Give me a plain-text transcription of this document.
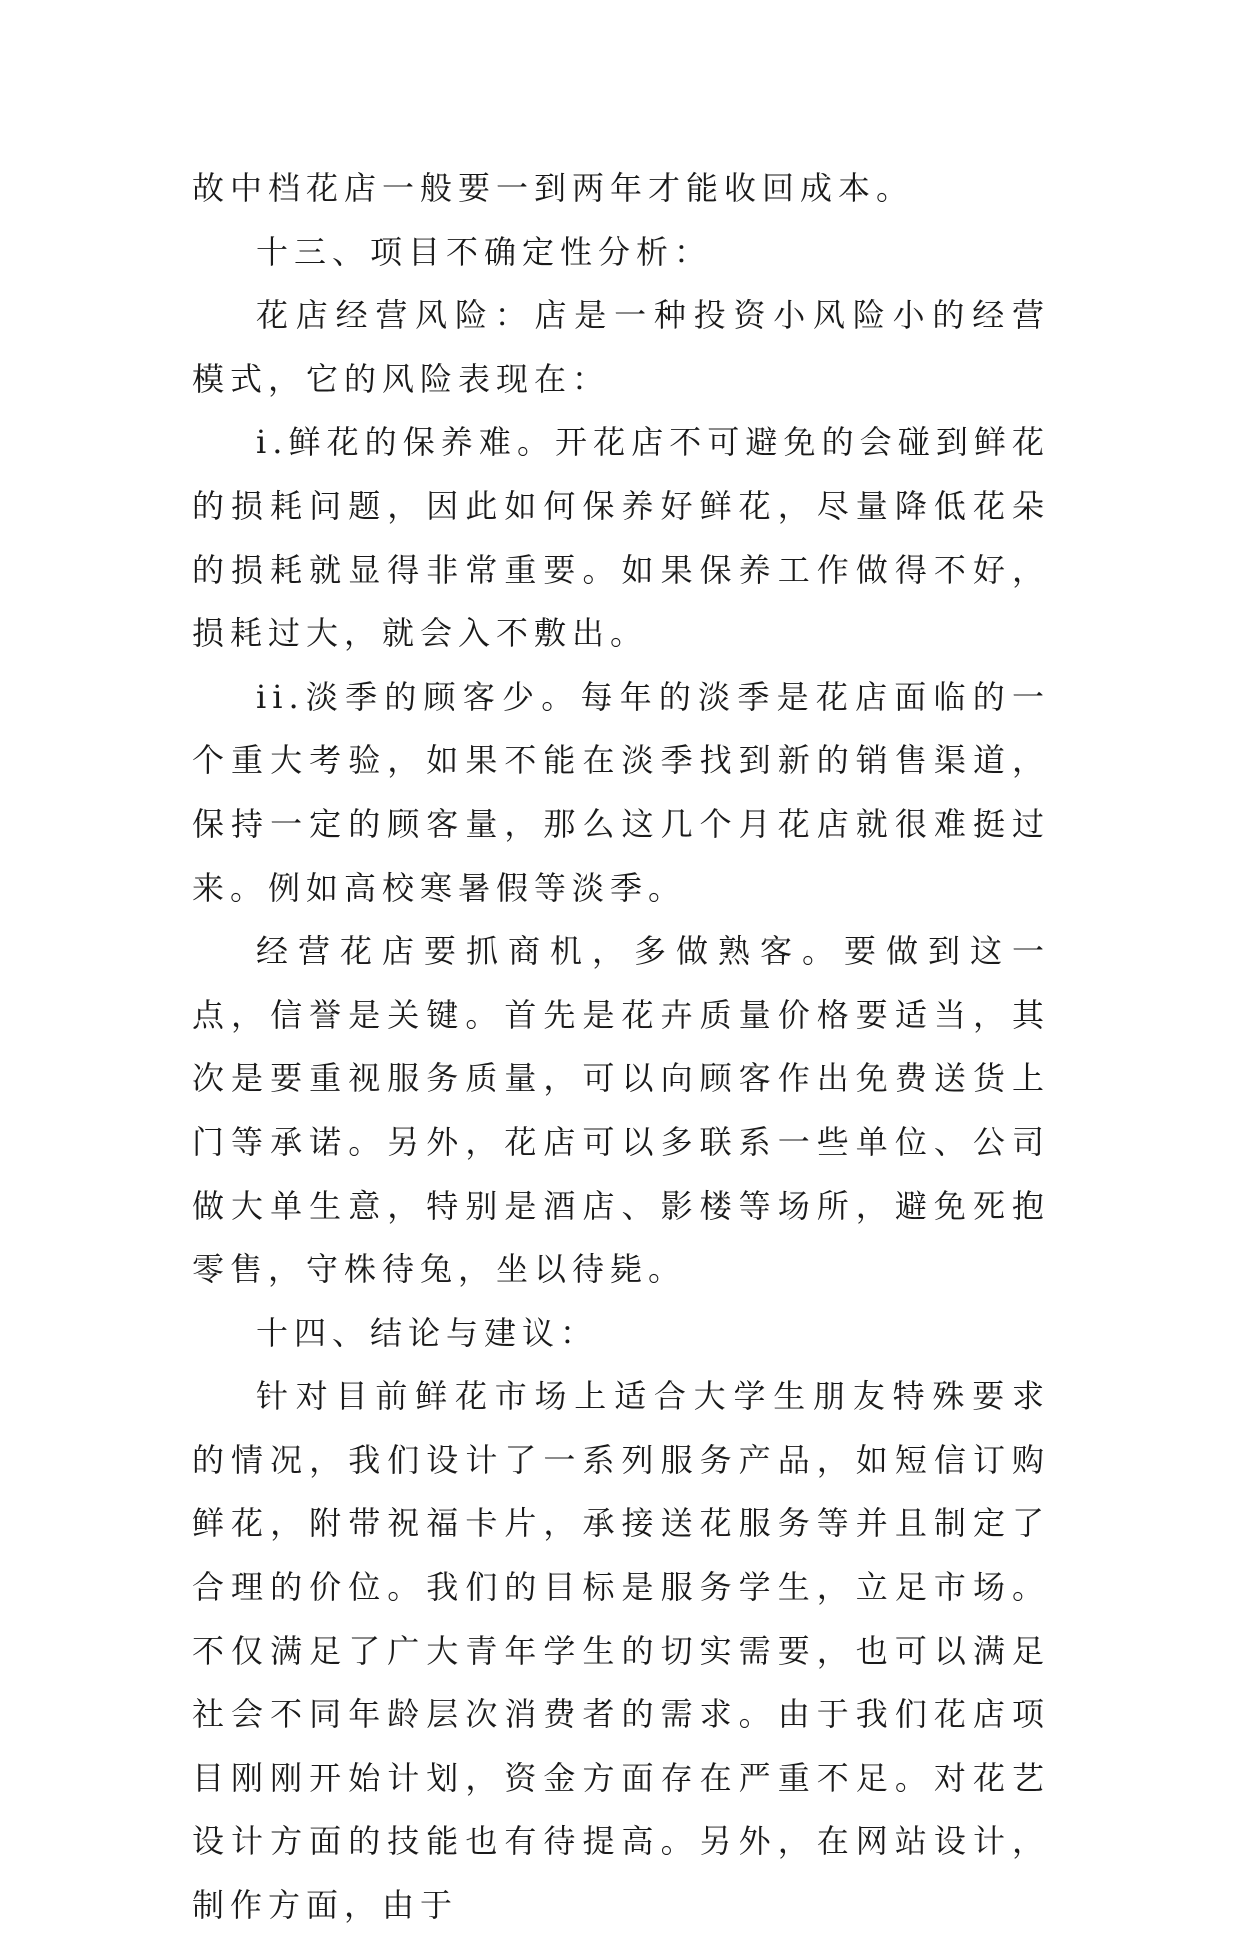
故中档花店一般要一到两年才能收回成本。

十三、项目不确定性分析：

花店经营风险：店是一种投资小风险小的经营模式，它的风险表现在：

i.鲜花的保养难。开花店不可避免的会碰到鲜花的损耗问题，因此如何保养好鲜花，尽量降低花朵的损耗就显得非常重要。如果保养工作做得不好，损耗过大，就会入不敷出。

ii.淡季的顾客少。每年的淡季是花店面临的一个重大考验，如果不能在淡季找到新的销售渠道，保持一定的顾客量，那么这几个月花店就很难挺过来。例如高校寒暑假等淡季。

经营花店要抓商机，多做熟客。要做到这一点，信誉是关键。首先是花卉质量价格要适当，其次是要重视服务质量，可以向顾客作出免费送货上门等承诺。另外，花店可以多联系一些单位、公司做大单生意，特别是酒店、影楼等场所，避免死抱零售，守株待兔，坐以待毙。

十四、结论与建议：

针对目前鲜花市场上适合大学生朋友特殊要求的情况，我们设计了一系列服务产品，如短信订购鲜花，附带祝福卡片，承接送花服务等并且制定了合理的价位。我们的目标是服务学生，立足市场。不仅满足了广大青年学生的切实需要，也可以满足社会不同年龄层次消费者的需求。由于我们花店项目刚刚开始计划，资金方面存在严重不足。对花艺设计方面的技能也有待提高。另外，在网站设计，制作方面，由于
